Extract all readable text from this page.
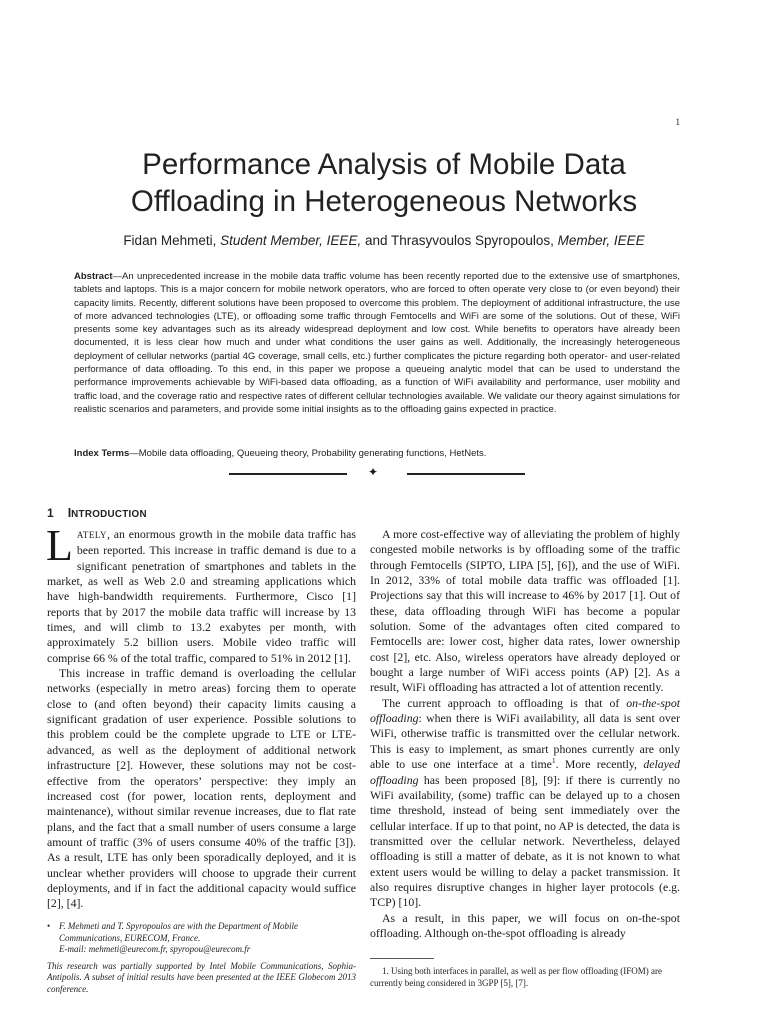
1
Performance Analysis of Mobile Data
Offloading in Heterogeneous Networks
Fidan Mehmeti, Student Member, IEEE, and Thrasyvoulos Spyropoulos, Member, IEEE
Abstract—An unprecedented increase in the mobile data traffic volume has been recently reported due to the extensive use of smartphones, tablets and laptops. This is a major concern for mobile network operators, who are forced to often operate very close to (or even beyond) their capacity limits. Recently, different solutions have been proposed to overcome this problem. The deployment of additional infrastructure, the use of more advanced technologies (LTE), or offloading some traffic through Femtocells and WiFi are some of the solutions. Out of these, WiFi presents some key advantages such as its already widespread deployment and low cost. While benefits to operators have already been documented, it is less clear how much and under what conditions the user gains as well. Additionally, the increasingly heterogeneous deployment of cellular networks (partial 4G coverage, small cells, etc.) further complicates the picture regarding both operator- and user-related performance of data offloading. To this end, in this paper we propose a queueing analytic model that can be used to understand the performance improvements achievable by WiFi-based data offloading, as a function of WiFi availability and performance, user mobility and traffic load, and the coverage ratio and respective rates of different cellular technologies available. We validate our theory against simulations for realistic scenarios and parameters, and provide some initial insights as to the offloading gains expected in practice.
Index Terms—Mobile data offloading, Queueing theory, Probability generating functions, HetNets.
✦
1 INTRODUCTION

LATELY, an enormous growth in the mobile data traffic has been reported. This increase in traffic demand is due to a significant penetration of smartphones and tablets in the market, as well as Web 2.0 and streaming applications which have high-bandwidth requirements. Furthermore, Cisco [1] reports that by 2017 the mobile data traffic will increase by 13 times, and will climb to 13.2 exabytes per month, with approximately 5.2 billion users. Mobile video traffic will comprise 66 % of the total traffic, compared to 51% in 2012 [1].

This increase in traffic demand is overloading the cellular networks (especially in metro areas) forcing them to operate close to (and often beyond) their capacity limits causing a significant gradation of user experience. Possible solutions to this problem could be the complete upgrade to LTE or LTE-advanced, as well as the deployment of additional network infrastructure [2]. However, these solutions may not be cost-effective from the operators’ perspective: they imply an increased cost (for power, location rents, deployment and maintenance), without similar revenue increases, due to flat rate plans, and the fact that a small number of users consume a large amount of traffic (3% of users consume 40% of the traffic [3]). As a result, LTE has only been sporadically deployed, and it is unclear whether providers will choose to upgrade their current deployments, and if in fact the additional capacity would suffice [2], [4].

A more cost-effective way of alleviating the problem of highly congested mobile networks is by offloading some of the traffic through Femtocells (SIPTO, LIPA [5], [6]), and the use of WiFi. In 2012, 33% of total mobile data traffic was offloaded [1]. Projections say that this will increase to 46% by 2017 [1]. Out of these, data offloading through WiFi has become a popular solution. Some of the advantages often cited compared to Femtocells are: lower cost, higher data rates, lower ownership cost [2], etc. Also, wireless operators have already deployed or bought a large number of WiFi access points (AP) [2]. As a result, WiFi offloading has attracted a lot of attention recently.

The current approach to offloading is that of on-the-spot offloading: when there is WiFi availability, all data is sent over WiFi, otherwise traffic is transmitted over the cellular network. This is easy to implement, as smart phones currently are only able to use one interface at a time$^1$. More recently, delayed offloading has been proposed [8], [9]: if there is currently no WiFi availability, (some) traffic can be delayed up to a chosen time threshold, instead of being sent immediately over the cellular interface. If up to that point, no AP is detected, the data is transmitted over the cellular network. Nevertheless, delayed offloading is still a matter of debate, as it is not known to what extent users would be willing to delay a packet transmission. It also requires disruptive changes in higher layer protocols (e.g. TCP) [10].

As a result, in this paper, we will focus on on-the-spot offloading. Although on-the-spot offloading is already

• F. Mehmeti and T. Spyropoulos are with the Department of Mobile Communications, EURECOM, France.
E-mail: mehmeti@eurecom.fr, spyropou@eurecom.fr
This research was partially supported by Intel Mobile Communications, Sophia-Antipolis. A subset of initial results have been presented at the IEEE Globecom 2013 conference.
1. Using both interfaces in parallel, as well as per flow offloading (IFOM) are currently being considered in 3GPP [5], [7].
